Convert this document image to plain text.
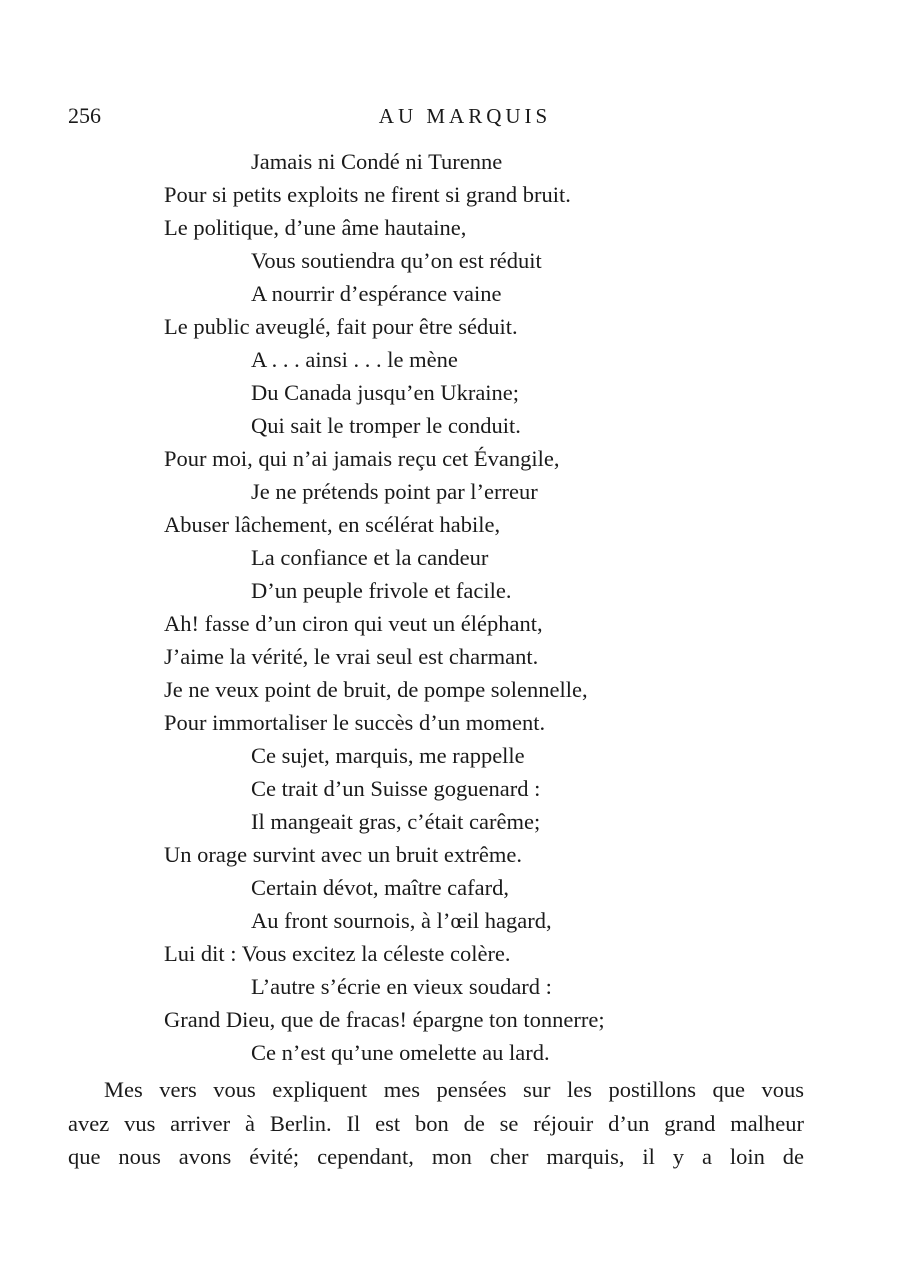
256	AU MARQUIS
Jamais ni Condé ni Turenne
Pour si petits exploits ne firent si grand bruit.
Le politique, d’une âme hautaine,
Vous soutiendra qu’on est réduit
A nourrir d’espérance vaine
Le public aveuglé, fait pour être séduit.
A . . . ainsi . . . le mène
Du Canada jusqu’en Ukraine;
Qui sait le tromper le conduit.
Pour moi, qui n’ai jamais reçu cet Évangile,
Je ne prétends point par l’erreur
Abuser lâchement, en scélérat habile,
La confiance et la candeur
D’un peuple frivole et facile.
Ah! fasse d’un ciron qui veut un éléphant,
J’aime la vérité, le vrai seul est charmant.
Je ne veux point de bruit, de pompe solennelle,
Pour immortaliser le succès d’un moment.
Ce sujet, marquis, me rappelle
Ce trait d’un Suisse goguenard :
Il mangeait gras, c’était carême;
Un orage survint avec un bruit extrême.
Certain dévot, maître cafard,
Au front sournois, à l’œil hagard,
Lui dit : Vous excitez la céleste colère.
L’autre s’écrie en vieux soudard :
Grand Dieu, que de fracas! épargne ton tonnerre;
Ce n’est qu’une omelette au lard.
Mes vers vous expliquent mes pensées sur les postillons que vous
avez vus arriver à Berlin. Il est bon de se réjouir d’un grand malheur
que nous avons évité; cependant, mon cher marquis, il y a loin de
